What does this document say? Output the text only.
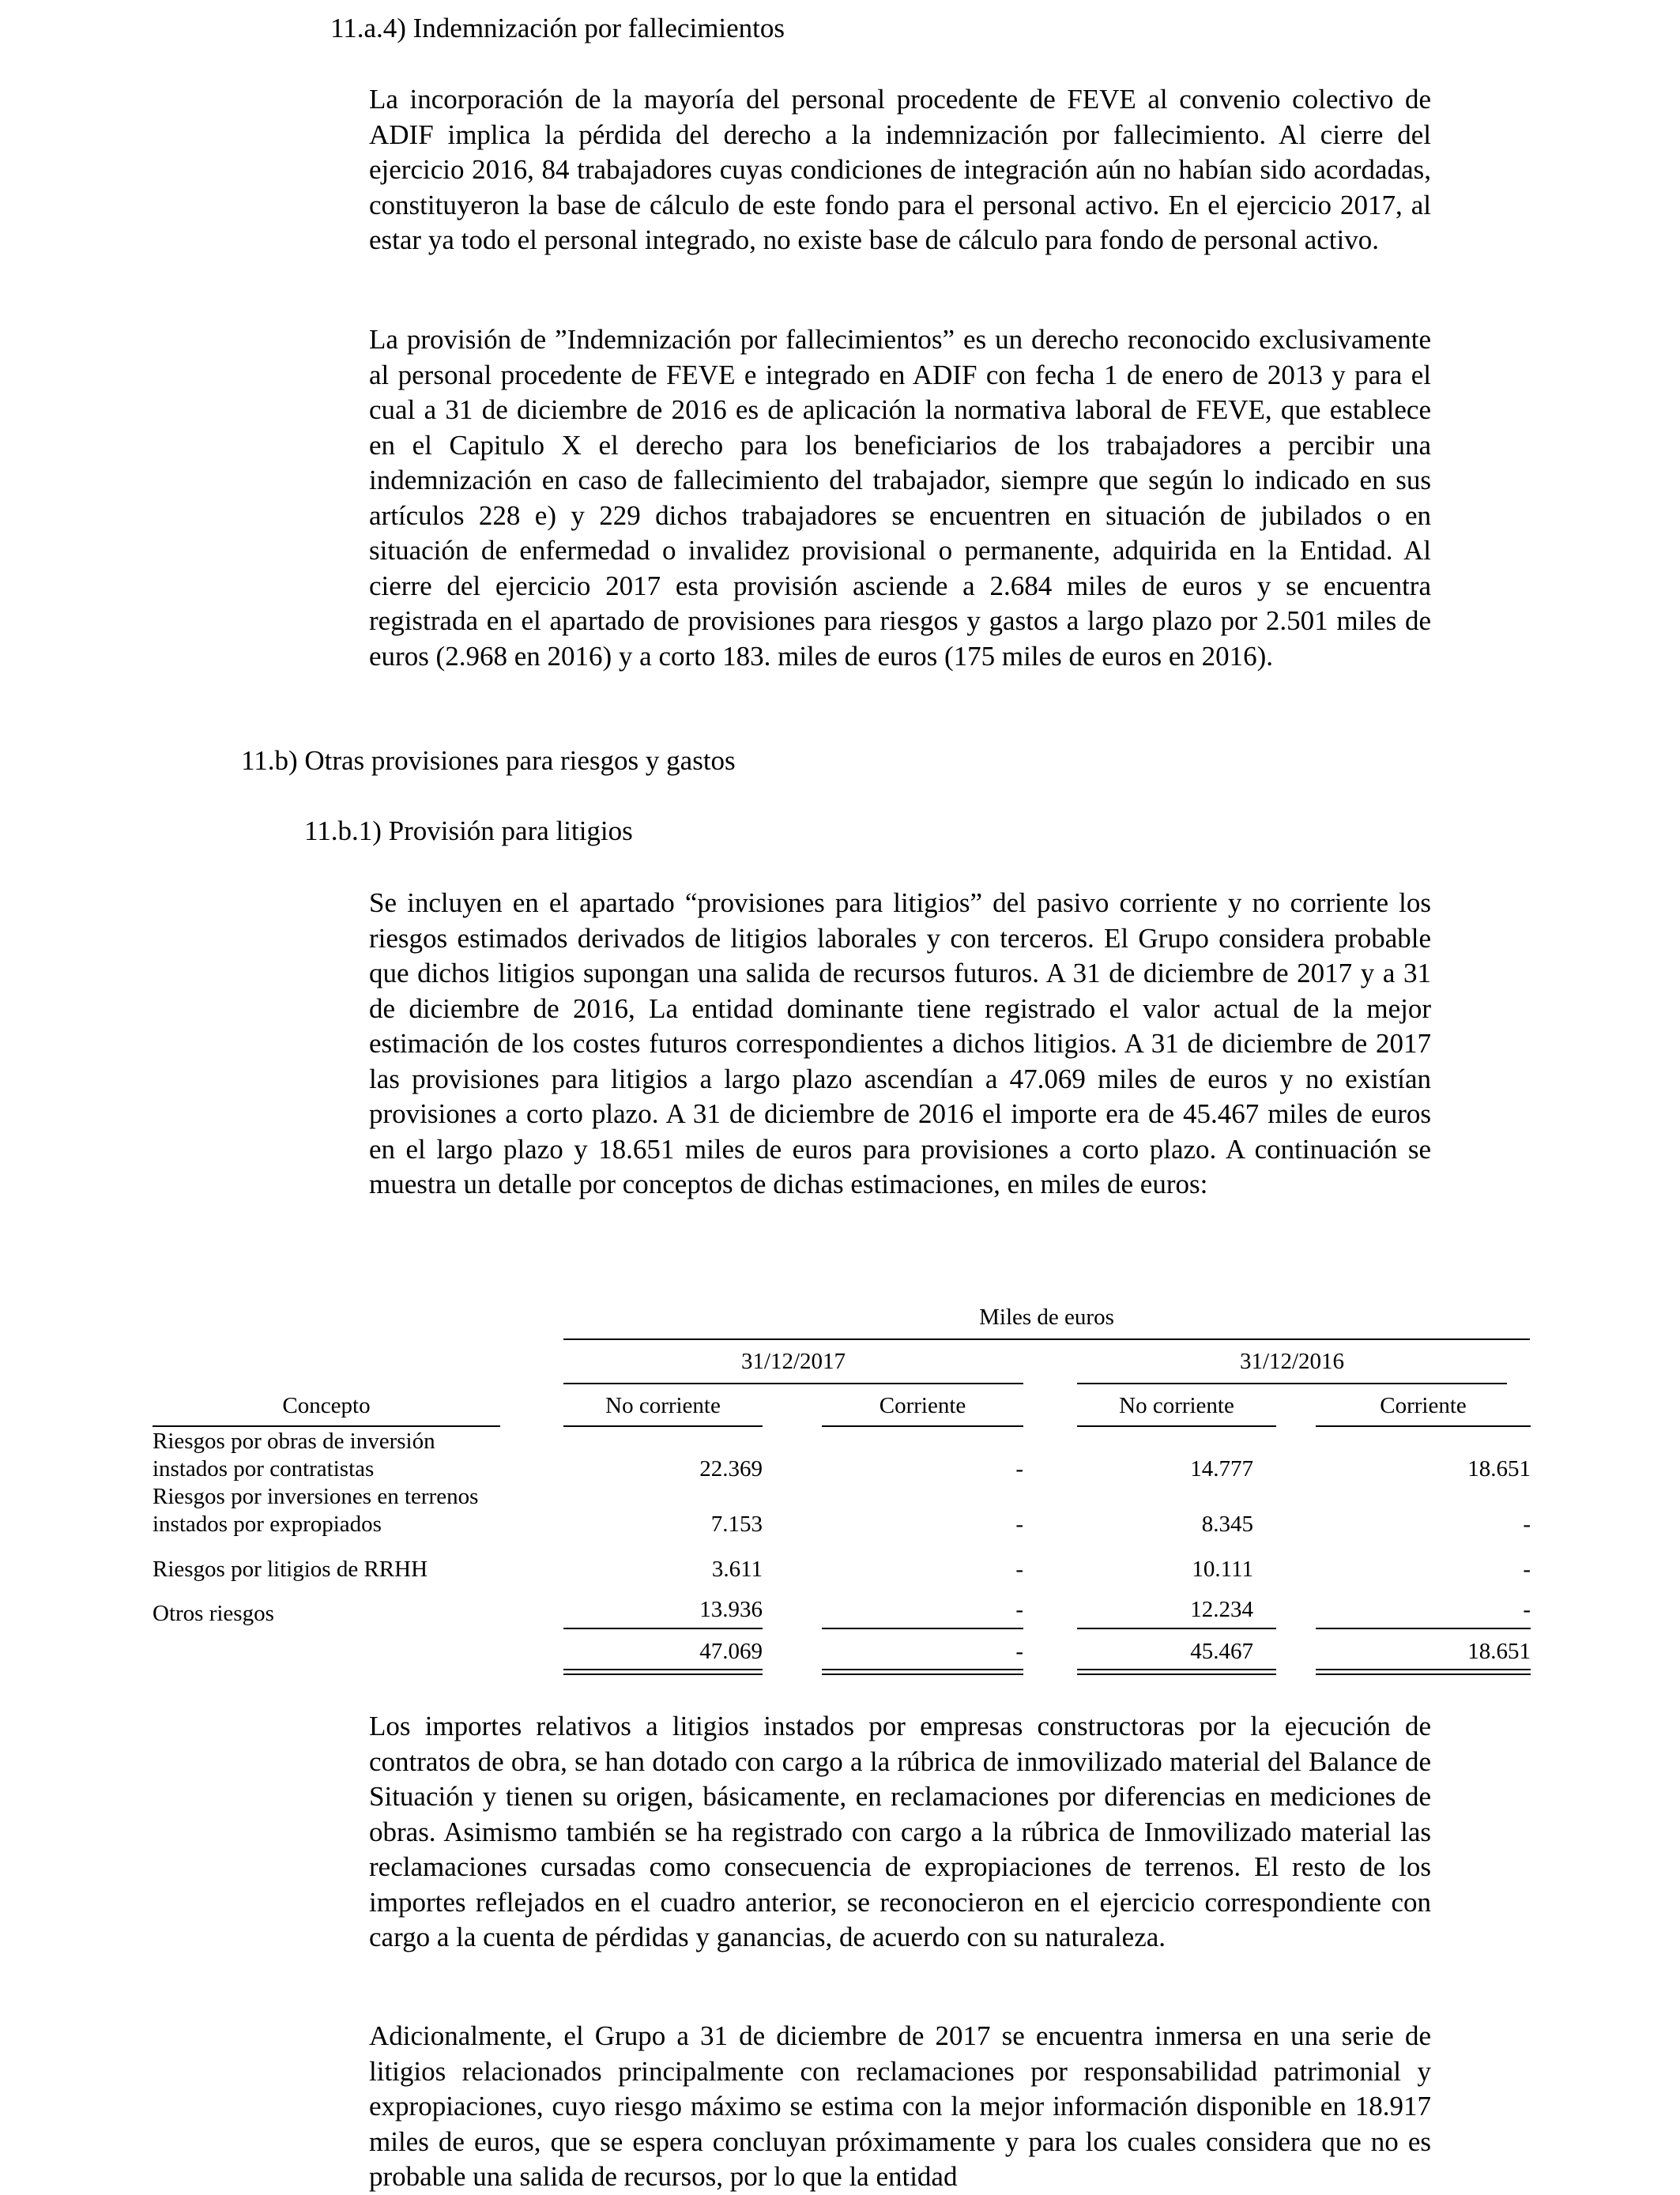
11.a.4) Indemnización por fallecimientos

La incorporación de la mayoría del personal procedente de FEVE al convenio colectivo de ADIF implica la pérdida del derecho a la indemnización por fallecimiento. Al cierre del ejercicio 2016, 84 trabajadores cuyas condiciones de integración aún no habían sido acordadas, constituyeron la base de cálculo de este fondo para el personal activo. En el ejercicio 2017, al estar ya todo el personal integrado, no existe base de cálculo para fondo de personal activo.

La provisión de ”Indemnización por fallecimientos” es un derecho reconocido exclusivamente al personal procedente de FEVE e integrado en ADIF con fecha 1 de enero de 2013 y para el cual a 31 de diciembre de 2016 es de aplicación la normativa laboral de FEVE, que establece en el Capitulo X el derecho para los beneficiarios de los trabajadores a percibir una indemnización en caso de fallecimiento del trabajador, siempre que según lo indicado en sus artículos 228 e) y 229 dichos trabajadores se encuentren en situación de jubilados o en situación de enfermedad o invalidez provisional o permanente, adquirida en la Entidad. Al cierre del ejercicio 2017 esta provisión asciende a 2.684 miles de euros y se encuentra registrada en el apartado de provisiones para riesgos y gastos a largo plazo por 2.501 miles de euros (2.968 en 2016) y a corto 183. miles de euros (175 miles de euros en 2016).

11.b) Otras provisiones para riesgos y gastos
11.b.1) Provisión para litigios

Se incluyen en el apartado “provisiones para litigios” del pasivo corriente y no corriente los riesgos estimados derivados de litigios laborales y con terceros. El Grupo considera probable que dichos litigios supongan una salida de recursos futuros. A 31 de diciembre de 2017 y a 31 de diciembre de 2016, La entidad dominante tiene registrado el valor actual de la mejor estimación de los costes futuros correspondientes a dichos litigios. A 31 de diciembre de 2017 las provisiones para litigios a largo plazo ascendían a 47.069 miles de euros y no existían provisiones a corto plazo. A 31 de diciembre de 2016 el importe era de 45.467 miles de euros en el largo plazo y 18.651 miles de euros para provisiones a corto plazo. A continuación se muestra un detalle por conceptos de dichas estimaciones, en miles de euros:

Miles de euros
31/12/2017	31/12/2016
Concepto	No corriente	Corriente	No corriente	Corriente
Riesgos por obras de inversión
instados por contratistas	22.369	-	14.777	18.651
Riesgos por inversiones en terrenos
instados por expropiados	7.153	-	8.345	-
Riesgos por litigios de RRHH	3.611	-	10.111	-
Otros riesgos	13.936	-	12.234	-
47.069	-	45.467	18.651

Los importes relativos a litigios instados por empresas constructoras por la ejecución de contratos de obra, se han dotado con cargo a la rúbrica de inmovilizado material del Balance de Situación y tienen su origen, básicamente, en reclamaciones por diferencias en mediciones de obras. Asimismo también se ha registrado con cargo a la rúbrica de Inmovilizado material las reclamaciones cursadas como consecuencia de expropiaciones de terrenos. El resto de los importes reflejados en el cuadro anterior, se reconocieron en el ejercicio correspondiente con cargo a la cuenta de pérdidas y ganancias, de acuerdo con su naturaleza.

Adicionalmente, el Grupo a 31 de diciembre de 2017 se encuentra inmersa en una serie de litigios relacionados principalmente con reclamaciones por responsabilidad patrimonial y expropiaciones, cuyo riesgo máximo se estima con la mejor información disponible en 18.917 miles de euros, que se espera concluyan próximamente y para los cuales considera que no es probable una salida de recursos, por lo que la entidad
